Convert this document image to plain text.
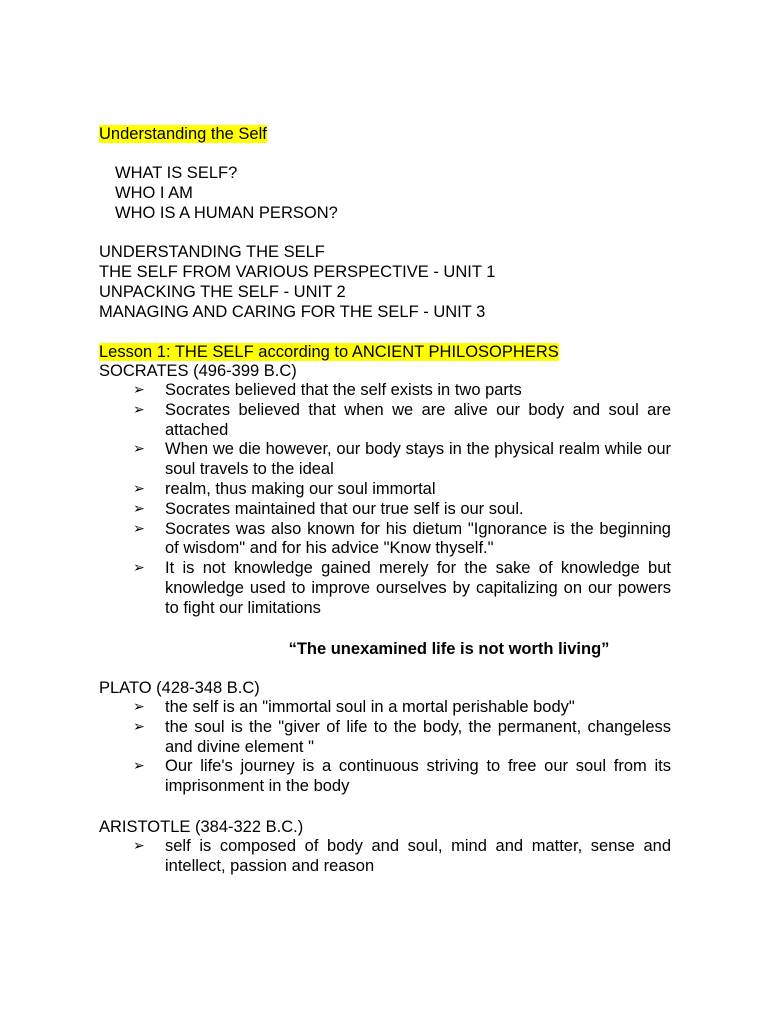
Understanding the Self
WHAT IS SELF?
WHO I AM
WHO IS A HUMAN PERSON?
UNDERSTANDING THE SELF
THE SELF FROM VARIOUS PERSPECTIVE - UNIT 1
UNPACKING THE SELF - UNIT 2
MANAGING AND CARING FOR THE SELF - UNIT 3
Lesson 1: THE SELF according to ANCIENT PHILOSOPHERS
SOCRATES (496-399 B.C)
➢ Socrates believed that the self exists in two parts
➢ Socrates believed that when we are alive our body and soul are attached
➢ When we die however, our body stays in the physical realm while our soul travels to the ideal
➢ realm, thus making our soul immortal
➢ Socrates maintained that our true self is our soul.
➢ Socrates was also known for his dietum "Ignorance is the beginning of wisdom" and for his advice "Know thyself."
➢ It is not knowledge gained merely for the sake of knowledge but knowledge used to improve ourselves by capitalizing on our powers to fight our limitations
“The unexamined life is not worth living”
PLATO (428-348 B.C)
➢ the self is an "immortal soul in a mortal perishable body"
➢ the soul is the "giver of life to the body, the permanent, changeless and divine element "
➢ Our life's journey is a continuous striving to free our soul from its imprisonment in the body
ARISTOTLE (384-322 B.C.)
➢ self is composed of body and soul, mind and matter, sense and intellect, passion and reason
